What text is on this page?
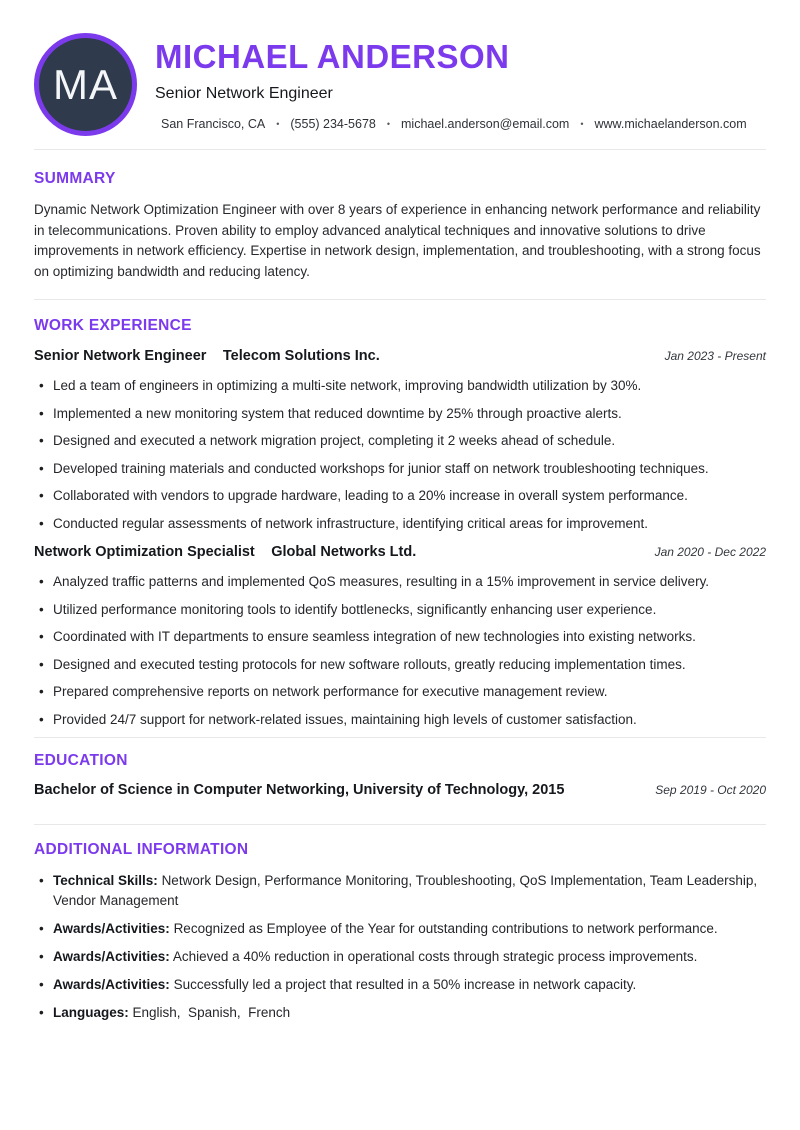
MA
MICHAEL ANDERSON
Senior Network Engineer
San Francisco, CA • (555) 234-5678 • michael.anderson@email.com • www.michaelanderson.com
SUMMARY

Dynamic Network Optimization Engineer with over 8 years of experience in enhancing network performance and reliability in telecommunications. Proven ability to employ advanced analytical techniques and innovative solutions to drive improvements in network efficiency. Expertise in network design, implementation, and troubleshooting, with a strong focus on optimizing bandwidth and reducing latency.

WORK EXPERIENCE
Senior Network Engineer Telecom Solutions Inc.	Jan 2023 - Present
• Led a team of engineers in optimizing a multi-site network, improving bandwidth utilization by 30%.
• Implemented a new monitoring system that reduced downtime by 25% through proactive alerts.
• Designed and executed a network migration project, completing it 2 weeks ahead of schedule.
• Developed training materials and conducted workshops for junior staff on network troubleshooting techniques.
• Collaborated with vendors to upgrade hardware, leading to a 20% increase in overall system performance.
• Conducted regular assessments of network infrastructure, identifying critical areas for improvement.
Network Optimization Specialist Global Networks Ltd.	Jan 2020 - Dec 2022
• Analyzed traffic patterns and implemented QoS measures, resulting in a 15% improvement in service delivery.
• Utilized performance monitoring tools to identify bottlenecks, significantly enhancing user experience.
• Coordinated with IT departments to ensure seamless integration of new technologies into existing networks.
• Designed and executed testing protocols for new software rollouts, greatly reducing implementation times.
• Prepared comprehensive reports on network performance for executive management review.
• Provided 24/7 support for network-related issues, maintaining high levels of customer satisfaction.
EDUCATION
Bachelor of Science in Computer Networking, University of Technology, 2015	Sep 2019 - Oct 2020
ADDITIONAL INFORMATION
• Technical Skills: Network Design, Performance Monitoring, Troubleshooting, QoS Implementation, Team Leadership, Vendor Management
• Awards/Activities: Recognized as Employee of the Year for outstanding contributions to network performance.
• Awards/Activities: Achieved a 40% reduction in operational costs through strategic process improvements.
• Awards/Activities: Successfully led a project that resulted in a 50% increase in network capacity.
• Languages: English,  Spanish,  French
